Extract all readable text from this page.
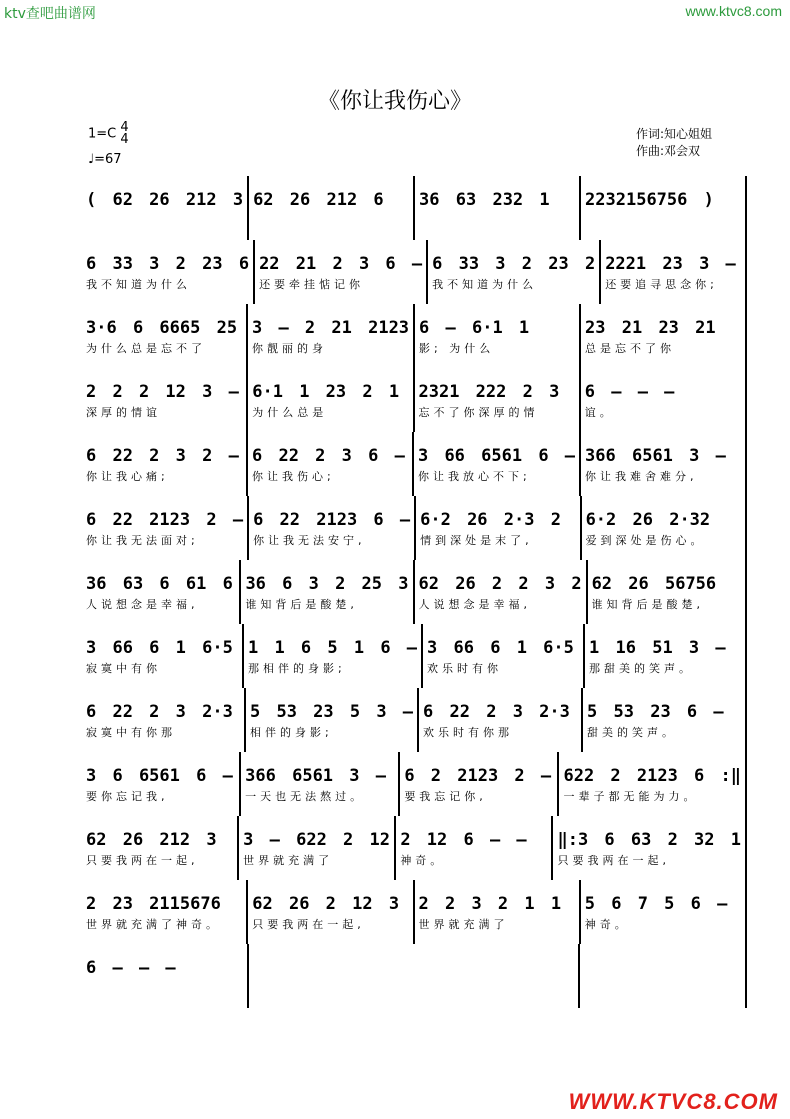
ktv查吧曲谱网	www.ktvc8.com
《你让我伤心》
1=C 4
4
♩=67
作词:知心姐姐
作曲:邓会双
( 62 26 212 3 62 26 212 6	36 63 232 1	2232156756 )
6 33 3 2 23 6
我不知道为什么
22 21 2 3 6 –
还要牵挂惦记你
6 33 3 2 23 2
我不知道为什么
2221 23 3 –
还要追寻思念你;
3·6 6 6665 25
为什么总是忘不了
3 – 2 21 2123
你靓丽的身
6 – 6·1 1
影; 为什么
23 21 23 21
总是忘不了你
2 2 2 12 3 –
深厚的情谊
6·1 1 23 2 1
为什么总是
2321 222 2 3
忘不了你深厚的情
6 – – –
谊。
6 22 2 3 2 –
你让我心痛;
6 22 2 3 6 –
你让我伤心;
3 66 6561 6 –
你让我放心不下;
366 6561 3 –
你让我难舍难分,
6 22 2123 2 –
你让我无法面对;
6 22 2123 6 –
你让我无法安宁,
6·2 26 2·3 2
情到深处是末了,
6·2 26 2·32
爱到深处是伤心。
36 63 6 61 6
人说想念是幸福,
36 6 3 2 25 3
谁知背后是酸楚,
62 26 2 2 3 2
人说想念是幸福,
62 26 56756
谁知背后是酸楚,
3 66 6 1 6·5
寂寞中有你
1 1 6 5 1 6 –
那相伴的身影;
3 66 6 1 6·5
欢乐时有你
1 16 51 3 –
那甜美的笑声。
6 22 2 3 2·3
寂寞中有你那
5 53 23 5 3 –
相伴的身影;
6 22 2 3 2·3
欢乐时有你那
5 53 23 6 –
甜美的笑声。
3 6 6561 6 –
要你忘记我,
366 6561 3 –
一天也无法熬过。
6 2 2123 2 –
要我忘记你,
622 2 2123 6 :‖
一辈子都无能为力。
62 26 212 3
只要我两在一起,
3 – 622 2 12
世界就充满了
2 12 6 – –
神奇。
‖:3 6 63 2 32 1
只要我两在一起,
2 23 2115676
世界就充满了神奇。
62 26 2 12 3
只要我两在一起,
2 2 3 2 1 1
世界就充满了
5 6 7 5 6 –
神奇。
6 – – –
WWW.KTVC8.COM
